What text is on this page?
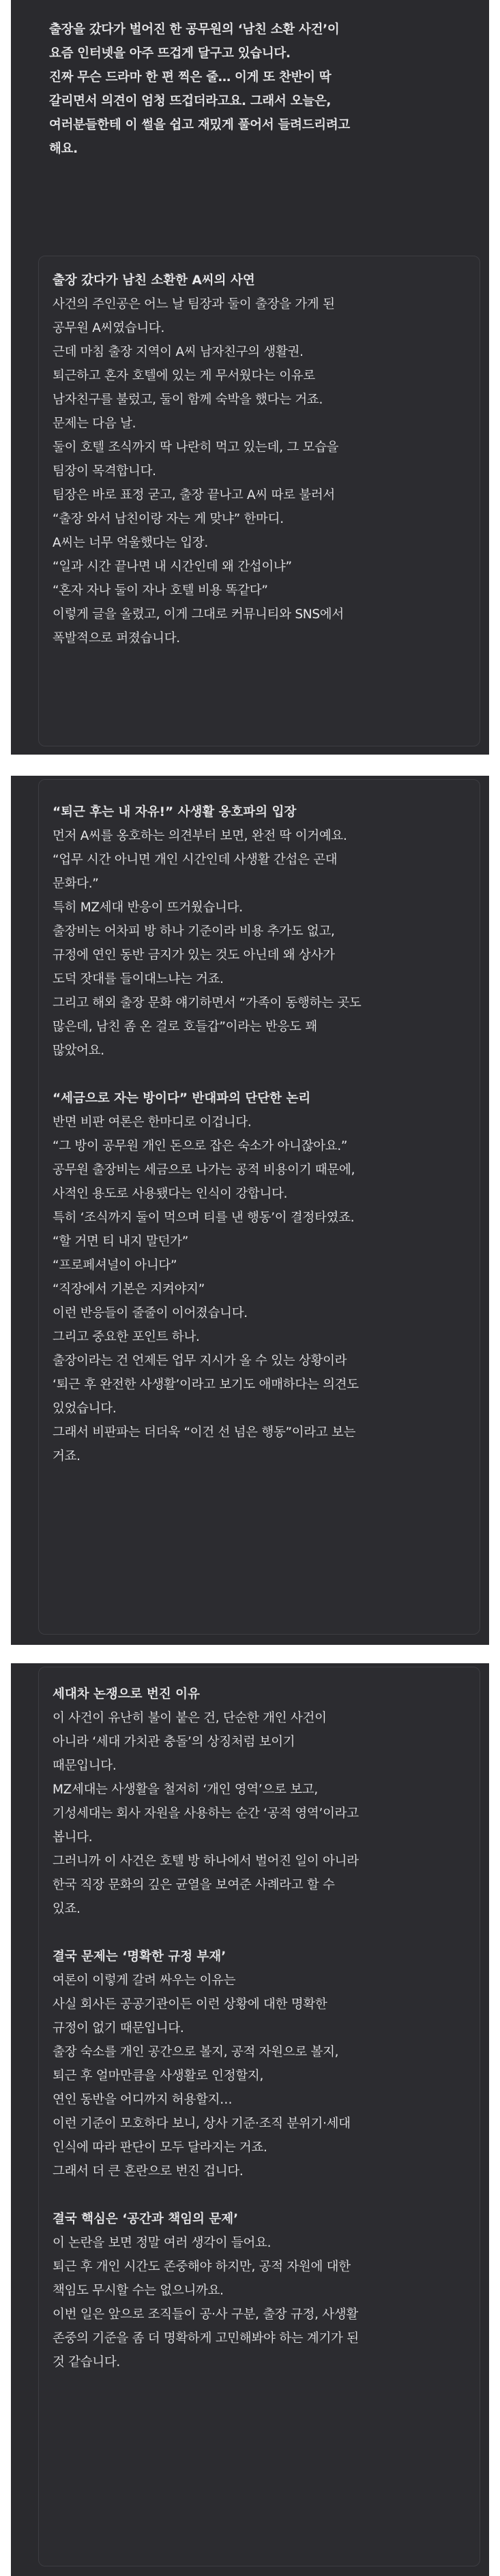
출장을 갔다가 벌어진 한 공무원의 ‘남친 소환 사건’이

요즘 인터넷을 아주 뜨겁게 달구고 있습니다.

진짜 무슨 드라마 한 편 찍은 줄… 이게 또 찬반이 딱

갈리면서 의견이 엄청 뜨겁더라고요. 그래서 오늘은,

여러분들한테 이 썰을 쉽고 재밌게 풀어서 들려드리려고

해요.

출장 갔다가 남친 소환한 A씨의 사연

사건의 주인공은 어느 날 팀장과 둘이 출장을 가게 된

공무원 A씨였습니다.

근데 마침 출장 지역이 A씨 남자친구의 생활권.

퇴근하고 혼자 호텔에 있는 게 무서웠다는 이유로

남자친구를 불렀고, 둘이 함께 숙박을 했다는 거죠.

문제는 다음 날.

둘이 호텔 조식까지 딱 나란히 먹고 있는데, 그 모습을

팀장이 목격합니다.

팀장은 바로 표정 굳고, 출장 끝나고 A씨 따로 불러서

“출장 와서 남친이랑 자는 게 맞냐” 한마디.

A씨는 너무 억울했다는 입장.

“일과 시간 끝나면 내 시간인데 왜 간섭이냐”

“혼자 자나 둘이 자나 호텔 비용 똑같다”

이렇게 글을 올렸고, 이게 그대로 커뮤니티와 SNS에서

폭발적으로 퍼졌습니다.

“퇴근 후는 내 자유!” 사생활 옹호파의 입장

먼저 A씨를 옹호하는 의견부터 보면, 완전 딱 이거예요.

“업무 시간 아니면 개인 시간인데 사생활 간섭은 곤대

문화다.”

특히 MZ세대 반응이 뜨거웠습니다.

출장비는 어차피 방 하나 기준이라 비용 추가도 없고,

규정에 연인 동반 금지가 있는 것도 아닌데 왜 상사가

도덕 잣대를 들이대느냐는 거죠.

그리고 해외 출장 문화 얘기하면서 “가족이 동행하는 곳도

많은데, 남친 좀 온 걸로 호들갑”이라는 반응도 꽤

많았어요.

“세금으로 자는 방이다” 반대파의 단단한 논리

반면 비판 여론은 한마디로 이겁니다.

“그 방이 공무원 개인 돈으로 잡은 숙소가 아니잖아요.”

공무원 출장비는 세금으로 나가는 공적 비용이기 때문에,

사적인 용도로 사용됐다는 인식이 강합니다.

특히 ‘조식까지 둘이 먹으며 티를 낸 행동’이 결정타였죠.

“할 거면 티 내지 말던가”

“프로페셔널이 아니다”

“직장에서 기본은 지켜야지”

이런 반응들이 줄줄이 이어졌습니다.

그리고 중요한 포인트 하나.

출장이라는 건 언제든 업무 지시가 올 수 있는 상황이라

‘퇴근 후 완전한 사생활’이라고 보기도 애매하다는 의견도

있었습니다.

그래서 비판파는 더더욱 “이건 선 넘은 행동”이라고 보는

거죠.

세대차 논쟁으로 번진 이유

이 사건이 유난히 불이 붙은 건, 단순한 개인 사건이

아니라 ‘세대 가치관 충돌’의 상징처럼 보이기

때문입니다.

MZ세대는 사생활을 철저히 ‘개인 영역’으로 보고,

기성세대는 회사 자원을 사용하는 순간 ‘공적 영역’이라고

봅니다.

그러니까 이 사건은 호텔 방 하나에서 벌어진 일이 아니라

한국 직장 문화의 깊은 균열을 보여준 사례라고 할 수

있죠.

결국 문제는 ‘명확한 규정 부재’

여론이 이렇게 갈려 싸우는 이유는

사실 회사든 공공기관이든 이런 상황에 대한 명확한

규정이 없기 때문입니다.

출장 숙소를 개인 공간으로 볼지, 공적 자원으로 볼지,

퇴근 후 얼마만큼을 사생활로 인정할지,

연인 동반을 어디까지 허용할지…

이런 기준이 모호하다 보니, 상사 기준·조직 분위기·세대

인식에 따라 판단이 모두 달라지는 거죠.

그래서 더 큰 혼란으로 번진 겁니다.

결국 핵심은 ‘공간과 책임의 문제’

이 논란을 보면 정말 여러 생각이 들어요.

퇴근 후 개인 시간도 존중해야 하지만, 공적 자원에 대한

책임도 무시할 수는 없으니까요.

이번 일은 앞으로 조직들이 공·사 구분, 출장 규정, 사생활

존중의 기준을 좀 더 명확하게 고민해봐야 하는 계기가 된

것 같습니다.
